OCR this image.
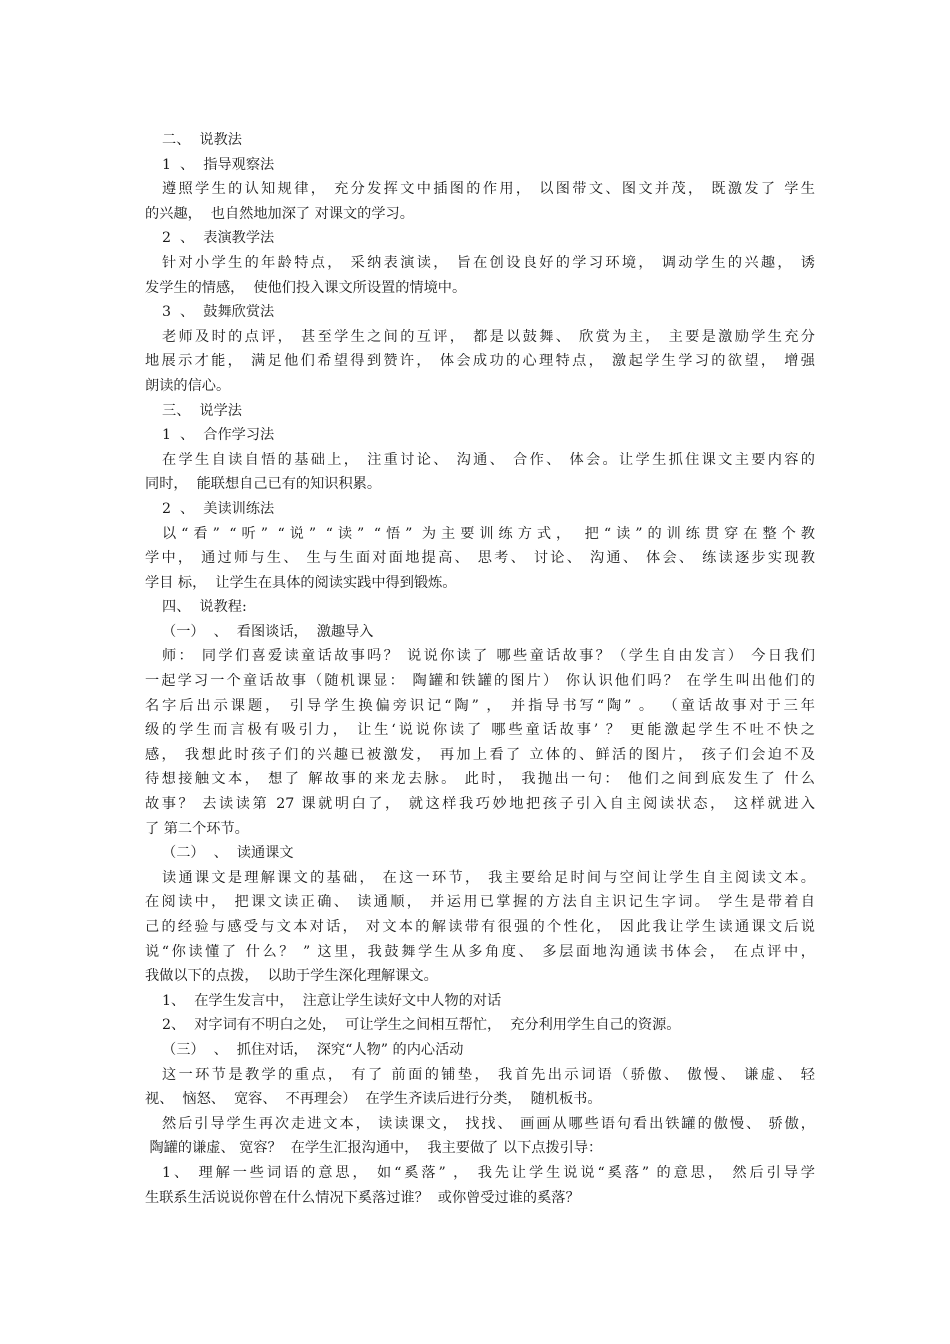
二、  说教法
1  、  指导观察法
遵照学生的认知规律， 充分发挥文中插图的作用， 以图带文、图文并茂， 既激发了 学生
的兴趣，  也自然地加深了 对课文的学习。
2  、  表演教学法
针对小学生的年龄特点， 采纳表演读， 旨在创设良好的学习环境， 调动学生的兴趣， 诱
发学生的情感，  使他们投入课文所设置的情境中。
3  、  鼓舞欣赏法
老师及时的点评， 甚至学生之间的互评， 都是以鼓舞、 欣赏为主， 主要是激励学生充分
地展示才能， 满足他们希望得到赞许， 体会成功的心理特点， 激起学生学习的欲望， 增强
朗读的信心。
三、  说学法
1  、  合作学习法
在学生自读自悟的基础上， 注重讨论、 沟通、 合作、 体会。让学生抓住课文主要内容的
同时，  能联想自己已有的知识积累。
2  、  美读训练法
以“看” “听” “说” “读” “悟” 为主要训练方式， 把“读”的训练贯穿在整个教
学中， 通过师与生、 生与生面对面地提高、 思考、 讨论、 沟通、 体会、 练读逐步实现教
学目 标，  让学生在具体的阅读实践中得到锻炼。
四、  说教程:
（一）  、  看图谈话，  激趣导入
师： 同学们喜爱读童话故事吗？ 说说你读了 哪些童话故事？（学生自由发言） 今日我们
一起学习一个童话故事（随机课显： 陶罐和铁罐的图片） 你认识他们吗？ 在学生叫出他们的
名字后出示课题， 引导学生换偏旁识记“陶” ， 并指导书写“陶” 。 （童话故事对于三年
级的学生而言极有吸引力， 让生‘说说你读了 哪些童话故事’ ？ 更能激起学生不吐不快之
感， 我想此时孩子们的兴趣已被激发， 再加上看了 立体的、鲜活的图片， 孩子们会迫不及
待想接触文本， 想了 解故事的来龙去脉。 此时， 我抛出一句： 他们之间到底发生了 什么
故事？ 去读读第 27 课就明白了， 就这样我巧妙地把孩子引入自主阅读状态， 这样就进入
了 第二个环节。
（二）  、  读通课文
读通课文是理解课文的基础， 在这一环节， 我主要给足时间与空间让学生自主阅读文本。
在阅读中， 把课文读正确、 读通顺， 并运用已掌握的方法自主识记生字词。 学生是带着自
己的经验与感受与文本对话， 对文本的解读带有很强的个性化， 因此我让学生读通课文后说
说“你读懂了 什么？ ” 这里，我鼓舞学生从多角度、 多层面地沟通读书体会， 在点评中，
我做以下的点拨，  以助于学生深化理解课文。
1、  在学生发言中，  注意让学生读好文中人物的对话
2、  对字词有不明白之处，  可让学生之间相互帮忙，  充分利用学生自己的资源。
（三）  、  抓住对话，  深究“人物” 的内心活动
这一环节是教学的重点， 有了 前面的铺垫， 我首先出示词语（骄傲、 傲慢、 谦虚、 轻
视、  恼怒、  宽容、  不再理会）  在学生齐读后进行分类，  随机板书。
然后引导学生再次走进文本， 读读课文， 找找、 画画从哪些语句看出铁罐的傲慢、 骄傲，
陶罐的谦虚、 宽容？  在学生汇报沟通中，  我主要做了 以下点拨引导：
1、 理解一些词语的意思， 如“奚落” ， 我先让学生说说“奚落” 的意思， 然后引导学
生联系生活说说你曾在什么情况下奚落过谁？  或你曾受过谁的奚落？
